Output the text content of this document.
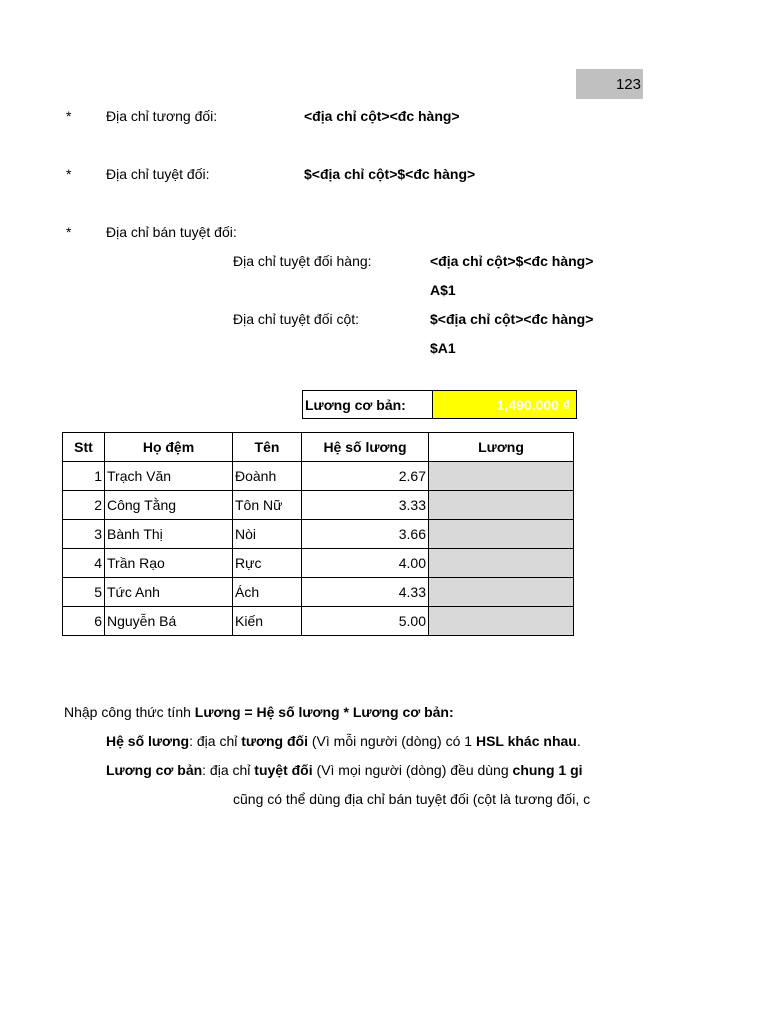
123
* Địa chỉ tương đối:	<địa chỉ cột><đc hàng>
* Địa chỉ tuyệt đối:	$<địa chỉ cột>$<đc hàng>
* Địa chỉ bán tuyệt đối:
Địa chỉ tuyệt đối hàng:	<địa chỉ cột>$<đc hàng>
A$1
Địa chỉ tuyệt đối cột:	$<địa chỉ cột><đc hàng>
$A1
Lương cơ bản:	1,490,000 ₫
Stt	Họ đệm	Tên	Hệ số lương	Lương
1	Trạch Văn	Đoành	2.67	
2	Công Tằng	Tôn Nữ	3.33	
3	Bành Thị	Nòi	3.66	
4	Trần Rạo	Rực	4.00	
5	Tức Anh	Ách	4.33	
6	Nguyễn Bá	Kiến	5.00	
Nhập công thức tính Lương = Hệ số lương * Lương cơ bản:
Hệ số lương: địa chỉ tương đối (Vì mỗi người (dòng) có 1 HSL khác nhau.
Lương cơ bản: địa chỉ tuyệt đối (Vì mọi người (dòng) đều dùng chung 1 gi
cũng có thể dùng địa chỉ bán tuyệt đối (cột là tương đối, c
